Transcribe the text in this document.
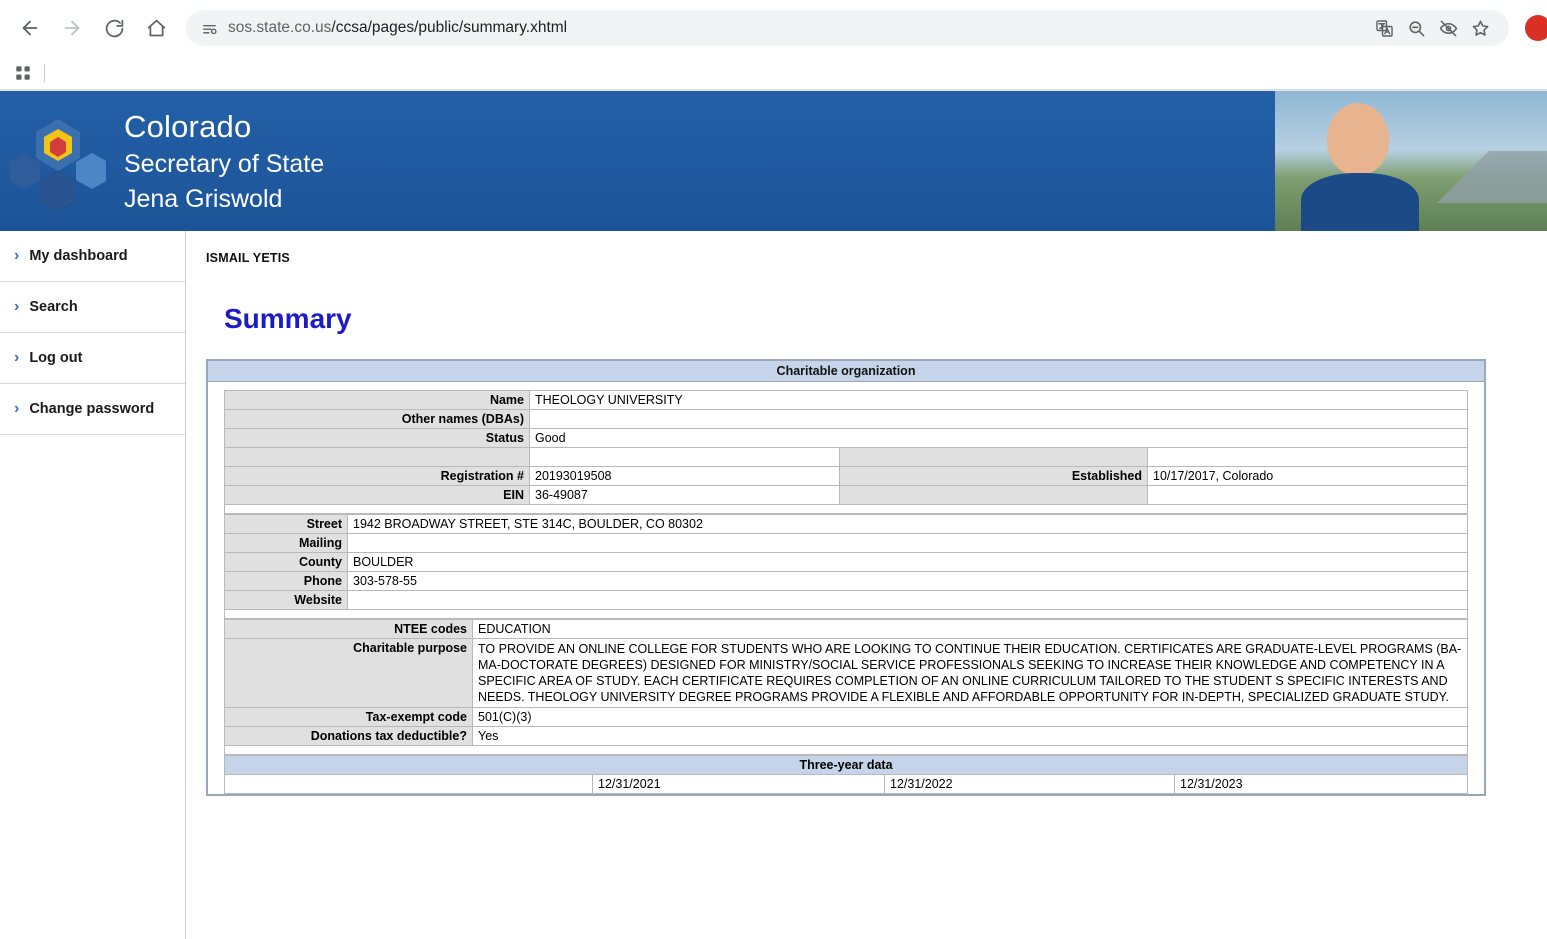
sos.state.co.us/ccsa/pages/public/summary.xhtml
Colorado
Secretary of State
Jena Griswold
› My dashboard
› Search
› Log out
› Change password
ISMAIL YETIS
Summary
Charitable organization
Name	THEOLOGY UNIVERSITY		
Other names (DBAs)			
Status	Good		

Registration #	20193019508	Established	10/17/2017, Colorado
EIN	36-49087		

Street	1942 BROADWAY STREET, STE 314C, BOULDER, CO 80302
Mailing	
County	BOULDER
Phone	303-578-55
Website	

NTEE codes	EDUCATION
Charitable purpose	TO PROVIDE AN ONLINE COLLEGE FOR STUDENTS WHO ARE LOOKING TO CONTINUE THEIR EDUCATION. CERTIFICATES ARE GRADUATE-LEVEL PROGRAMS (BA-MA-DOCTORATE DEGREES) DESIGNED FOR MINISTRY/SOCIAL SERVICE PROFESSIONALS SEEKING TO INCREASE THEIR KNOWLEDGE AND COMPETENCY IN A SPECIFIC AREA OF STUDY. EACH CERTIFICATE REQUIRES COMPLETION OF AN ONLINE CURRICULUM TAILORED TO THE STUDENT S SPECIFIC INTERESTS AND NEEDS. THEOLOGY UNIVERSITY DEGREE PROGRAMS PROVIDE A FLEXIBLE AND AFFORDABLE OPPORTUNITY FOR IN-DEPTH, SPECIALIZED GRADUATE STUDY.
Tax-exempt code	501(C)(3)
Donations tax deductible?	Yes

Three-year data
	12/31/2021	12/31/2022	12/31/2023
